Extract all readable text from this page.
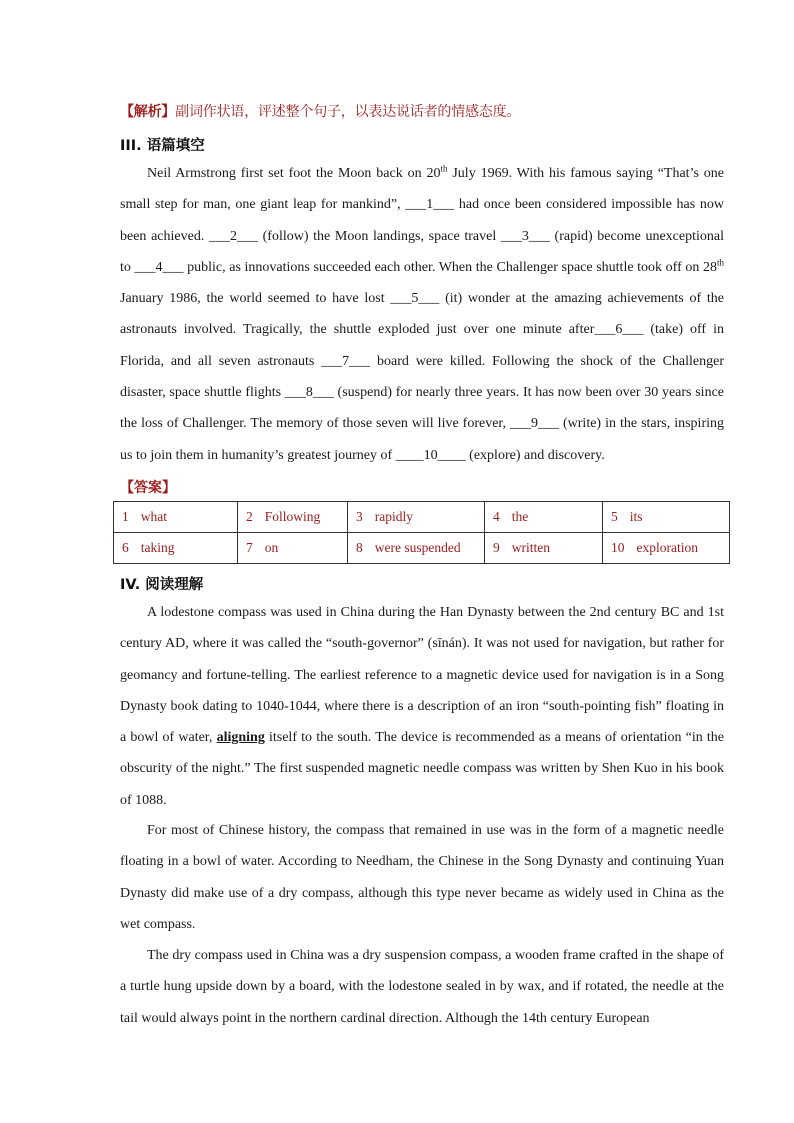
【解析】副词作状语，评述整个句子，以表达说话者的情感态度。
III. 语篇填空
Neil Armstrong first set foot the Moon back on 20th July 1969. With his famous saying “That’s one small step for man, one giant leap for mankind”, ___1___ had once been considered impossible has now been achieved. ___2___ (follow) the Moon landings, space travel ___3___ (rapid) become unexceptional to ___4___ public, as innovations succeeded each other. When the Challenger space shuttle took off on 28th January 1986, the world seemed to have lost ___5___ (it) wonder at the amazing achievements of the astronauts involved. Tragically, the shuttle exploded just over one minute after___6___ (take) off in Florida, and all seven astronauts ___7___ board were killed. Following the shock of the Challenger disaster, space shuttle flights ___8___ (suspend) for nearly three years. It has now been over 30 years since the loss of Challenger. The memory of those seven will live forever, ___9___ (write) in the stars, inspiring us to join them in humanity’s greatest journey of ____10____ (explore) and discovery.
【答案】
1 what	2 Following	3 rapidly	4 the	5 its
6 taking	7 on	8 were suspended	9 written	10 exploration
IV. 阅读理解
A lodestone compass was used in China during the Han Dynasty between the 2nd century BC and 1st century AD, where it was called the “south-governor” (sīnán). It was not used for navigation, but rather for geomancy and fortune-telling. The earliest reference to a magnetic device used for navigation is in a Song Dynasty book dating to 1040-1044, where there is a description of an iron “south-pointing fish” floating in a bowl of water, aligning itself to the south. The device is recommended as a means of orientation “in the obscurity of the night.” The first suspended magnetic needle compass was written by Shen Kuo in his book of 1088.
For most of Chinese history, the compass that remained in use was in the form of a magnetic needle floating in a bowl of water. According to Needham, the Chinese in the Song Dynasty and continuing Yuan Dynasty did make use of a dry compass, although this type never became as widely used in China as the wet compass.
The dry compass used in China was a dry suspension compass, a wooden frame crafted in the shape of a turtle hung upside down by a board, with the lodestone sealed in by wax, and if rotated, the needle at the tail would always point in the northern cardinal direction. Although the 14th century European
